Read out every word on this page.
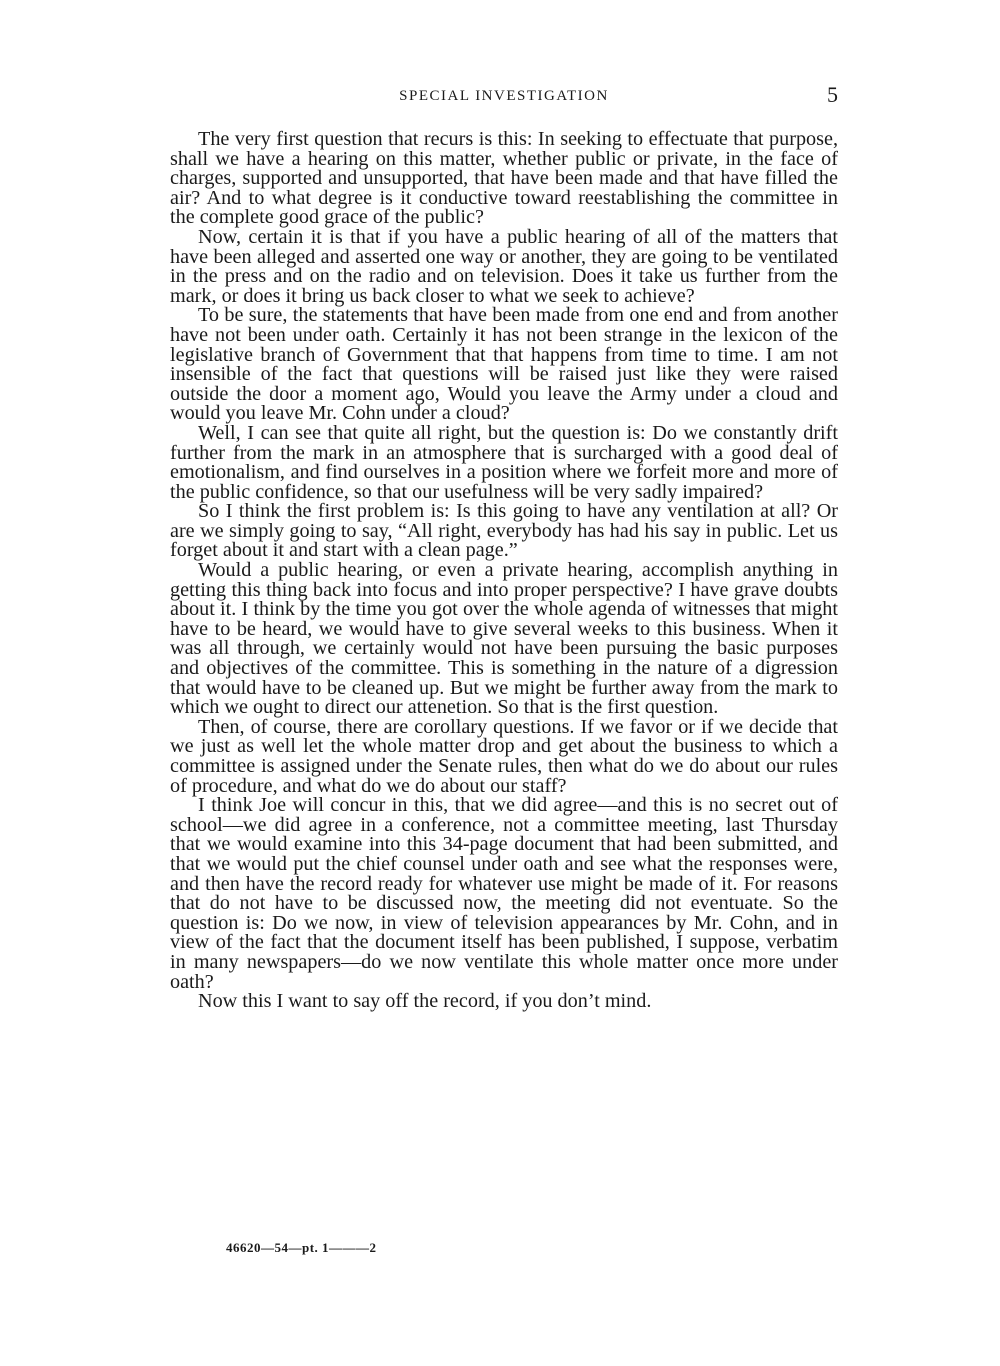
SPECIAL INVESTIGATION	5

The very first question that recurs is this: In seeking to effectuate that purpose, shall we have a hearing on this matter, whether public or private, in the face of charges, supported and unsupported, that have been made and that have filled the air? And to what degree is it conductive toward reestablishing the committee in the complete good grace of the public?

Now, certain it is that if you have a public hearing of all of the matters that have been alleged and asserted one way or another, they are going to be ventilated in the press and on the radio and on television. Does it take us further from the mark, or does it bring us back closer to what we seek to achieve?

To be sure, the statements that have been made from one end and from another have not been under oath. Certainly it has not been strange in the lexicon of the legislative branch of Government that that happens from time to time. I am not insensible of the fact that questions will be raised just like they were raised outside the door a moment ago, Would you leave the Army under a cloud and would you leave Mr. Cohn under a cloud?

Well, I can see that quite all right, but the question is: Do we constantly drift further from the mark in an atmosphere that is surcharged with a good deal of emotionalism, and find ourselves in a position where we forfeit more and more of the public confidence, so that our usefulness will be very sadly impaired?

So I think the first problem is: Is this going to have any ventilation at all? Or are we simply going to say, “All right, everybody has had his say in public. Let us forget about it and start with a clean page.”

Would a public hearing, or even a private hearing, accomplish anything in getting this thing back into focus and into proper perspective? I have grave doubts about it. I think by the time you got over the whole agenda of witnesses that might have to be heard, we would have to give several weeks to this business. When it was all through, we certainly would not have been pursuing the basic purposes and objectives of the committee. This is something in the nature of a digression that would have to be cleaned up. But we might be further away from the mark to which we ought to direct our attenetion. So that is the first question.

Then, of course, there are corollary questions. If we favor or if we decide that we just as well let the whole matter drop and get about the business to which a committee is assigned under the Senate rules, then what do we do about our rules of procedure, and what do we do about our staff?

I think Joe will concur in this, that we did agree—and this is no secret out of school—we did agree in a conference, not a committee meeting, last Thursday that we would examine into this 34-page document that had been submitted, and that we would put the chief counsel under oath and see what the responses were, and then have the record ready for whatever use might be made of it. For reasons that do not have to be discussed now, the meeting did not eventuate. So the question is: Do we now, in view of television appearances by Mr. Cohn, and in view of the fact that the document itself has been published, I suppose, verbatim in many newspapers—do we now ventilate this whole matter once more under oath?

Now this I want to say off the record, if you don’t mind.

46620—54—pt. 1———2
